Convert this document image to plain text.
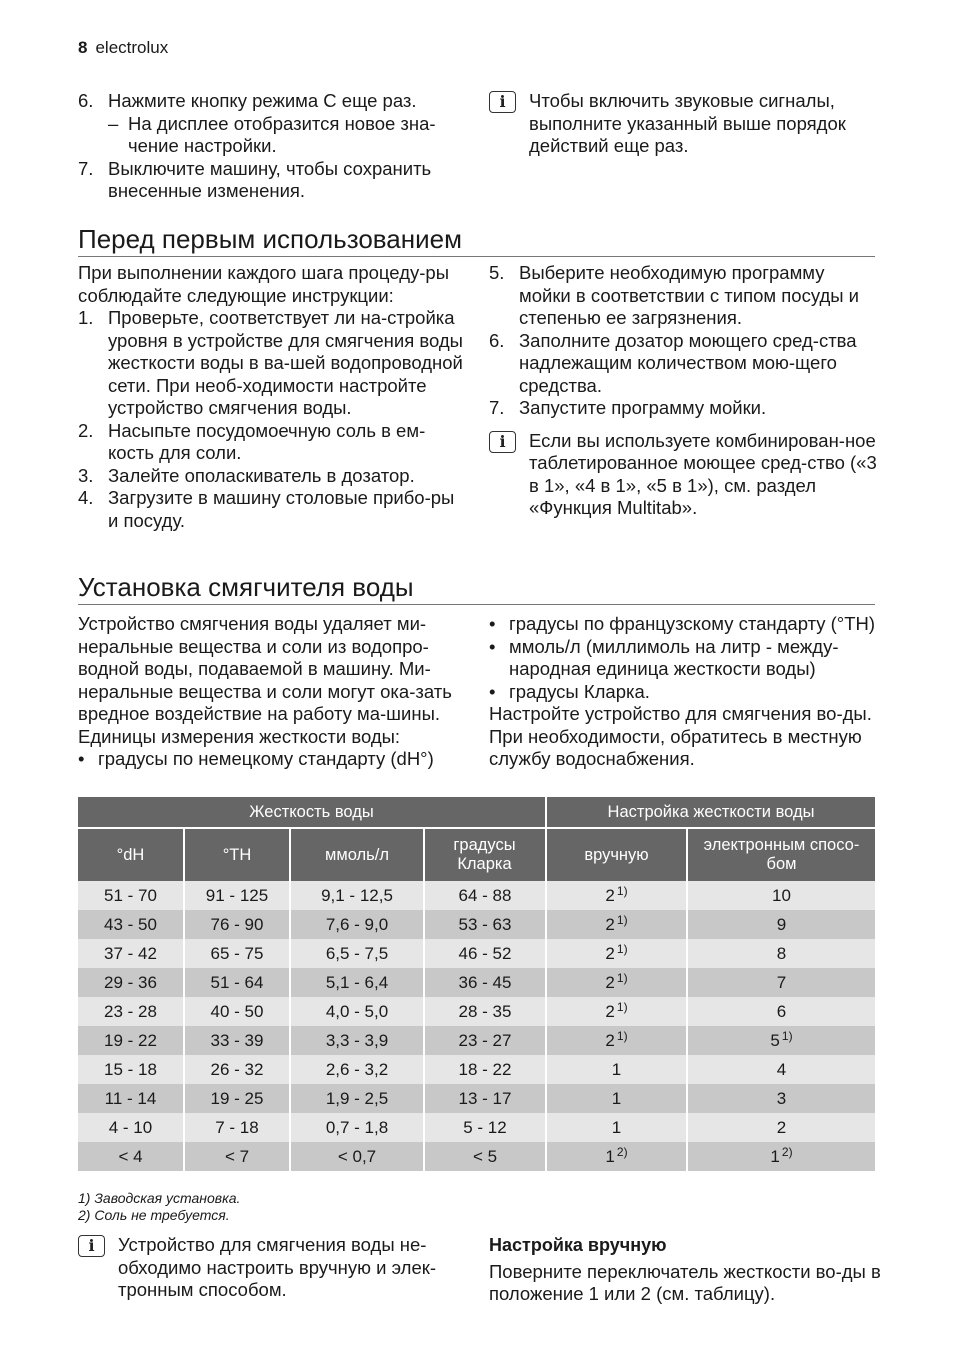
8 electrolux
6. Нажмите кнопку режима C еще раз.
– На дисплее отобразится новое зна-чение настройки.
7. Выключите машину, чтобы сохранить внесенные изменения.
i	Чтобы включить звуковые сигналы, выполните указанный выше порядок действий еще раз.
Перед первым использованием
При выполнении каждого шага процеду-ры соблюдайте следующие инструкции:
1. Проверьте, соответствует ли на-стройка уровня в устройстве для смягчения воды жесткости воды в ва-шей водопроводной сети. При необ-ходимости настройте устройство смягчения воды.
2. Насыпьте посудомоечную соль в ем-кость для соли.
3. Залейте ополаскиватель в дозатор.
4. Загрузите в машину столовые прибо-ры и посуду.
5. Выберите необходимую программу мойки в соответствии с типом посуды и степенью ее загрязнения.
6. Заполните дозатор моющего сред-ства надлежащим количеством мою-щего средства.
7. Запустите программу мойки.
i	Если вы используете комбинирован-ное таблетированное моющее сред-ство («3 в 1», «4 в 1», «5 в 1»), см. раздел «Функция Multitab».
Установка смягчителя воды
Устройство смягчения воды удаляет ми-неральные вещества и соли из водопро-водной воды, подаваемой в машину. Ми-неральные вещества и соли могут ока-зать вредное воздействие на работу ма-шины.
Единицы измерения жесткости воды:
• градусы по немецкому стандарту (dH°)
• градусы по французскому стандарту (°TH)
• ммоль/л (миллимоль на литр - между-народная единица жесткости воды)
• градусы Кларка.
Настройте устройство для смягчения во-ды. При необходимости, обратитесь в местную службу водоснабжения.
Жесткость воды				Настройка жесткости воды	
°dH	°TH	ммоль/л	градусы Кларка	вручную	электронным спосо-бом
51 - 70	91 - 125	9,1 - 12,5	64 - 88	2 $^{1)}$	10
43 - 50	76 - 90	7,6 - 9,0	53 - 63	2 $^{1)}$	9
37 - 42	65 - 75	6,5 - 7,5	46 - 52	2 $^{1)}$	8
29 - 36	51 - 64	5,1 - 6,4	36 - 45	2 $^{1)}$	7
23 - 28	40 - 50	4,0 - 5,0	28 - 35	2 $^{1)}$	6
19 - 22	33 - 39	3,3 - 3,9	23 - 27	2 $^{1)}$	5 $^{1)}$
15 - 18	26 - 32	2,6 - 3,2	18 - 22	1	4
11 - 14	19 - 25	1,9 - 2,5	13 - 17	1	3
4 - 10	7 - 18	0,7 - 1,8	5 - 12	1	2
< 4	< 7	< 0,7	< 5	1 $^{2)}$	1 $^{2)}$
1) Заводская установка.
2) Соль не требуется.
i	Устройство для смягчения воды не-обходимо настроить вручную и элек-тронным способом.
Настройка вручную
Поверните переключатель жесткости во-ды в положение 1 или 2 (см. таблицу).
